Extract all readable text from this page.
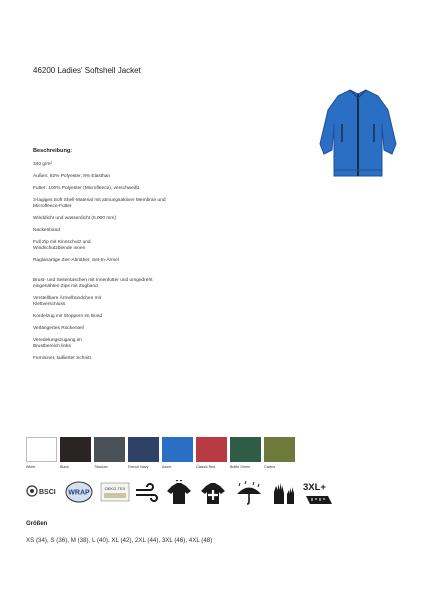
46200 Ladies' Softshell Jacket
Beschreibung:
340 g/m²
Außen: 92% Polyester, 8% Elasthan
Futter: 100% Polyester (Microfleece), verschweißt
3-lagiges Soft Shell-Material mit atmungsaktiver Membran und
Microfleece-Futter
Winddicht und wasserdicht (5.000 mm)
Nackenband
Full Zip mit Kinnschutz und
Windschutzblende innen
Raglanartige Zier-Abnäher, Set-In-Ärmel
Brust- und Seitentaschen mit Innenfutter und umgedreht
eingenähten Zips mit Zugband
Verstellbare Ärmelbündchen mit
Klettverschluss
Kordelzug mit Stoppern im Bund
Verlängertes Rückenteil
Veredelungszugang im
Brustbereich links
Femininer, taillierter Schnitt.
White	Black	Titanium	French Navy	Azure	Classic Red	Bottle Green	Cactus
BSCI WRAP
OEKO-TEX	3XL+
Größen
XS (34), S (36), M (38), L (40), XL (42), 2XL (44), 3XL (46), 4XL (48)
